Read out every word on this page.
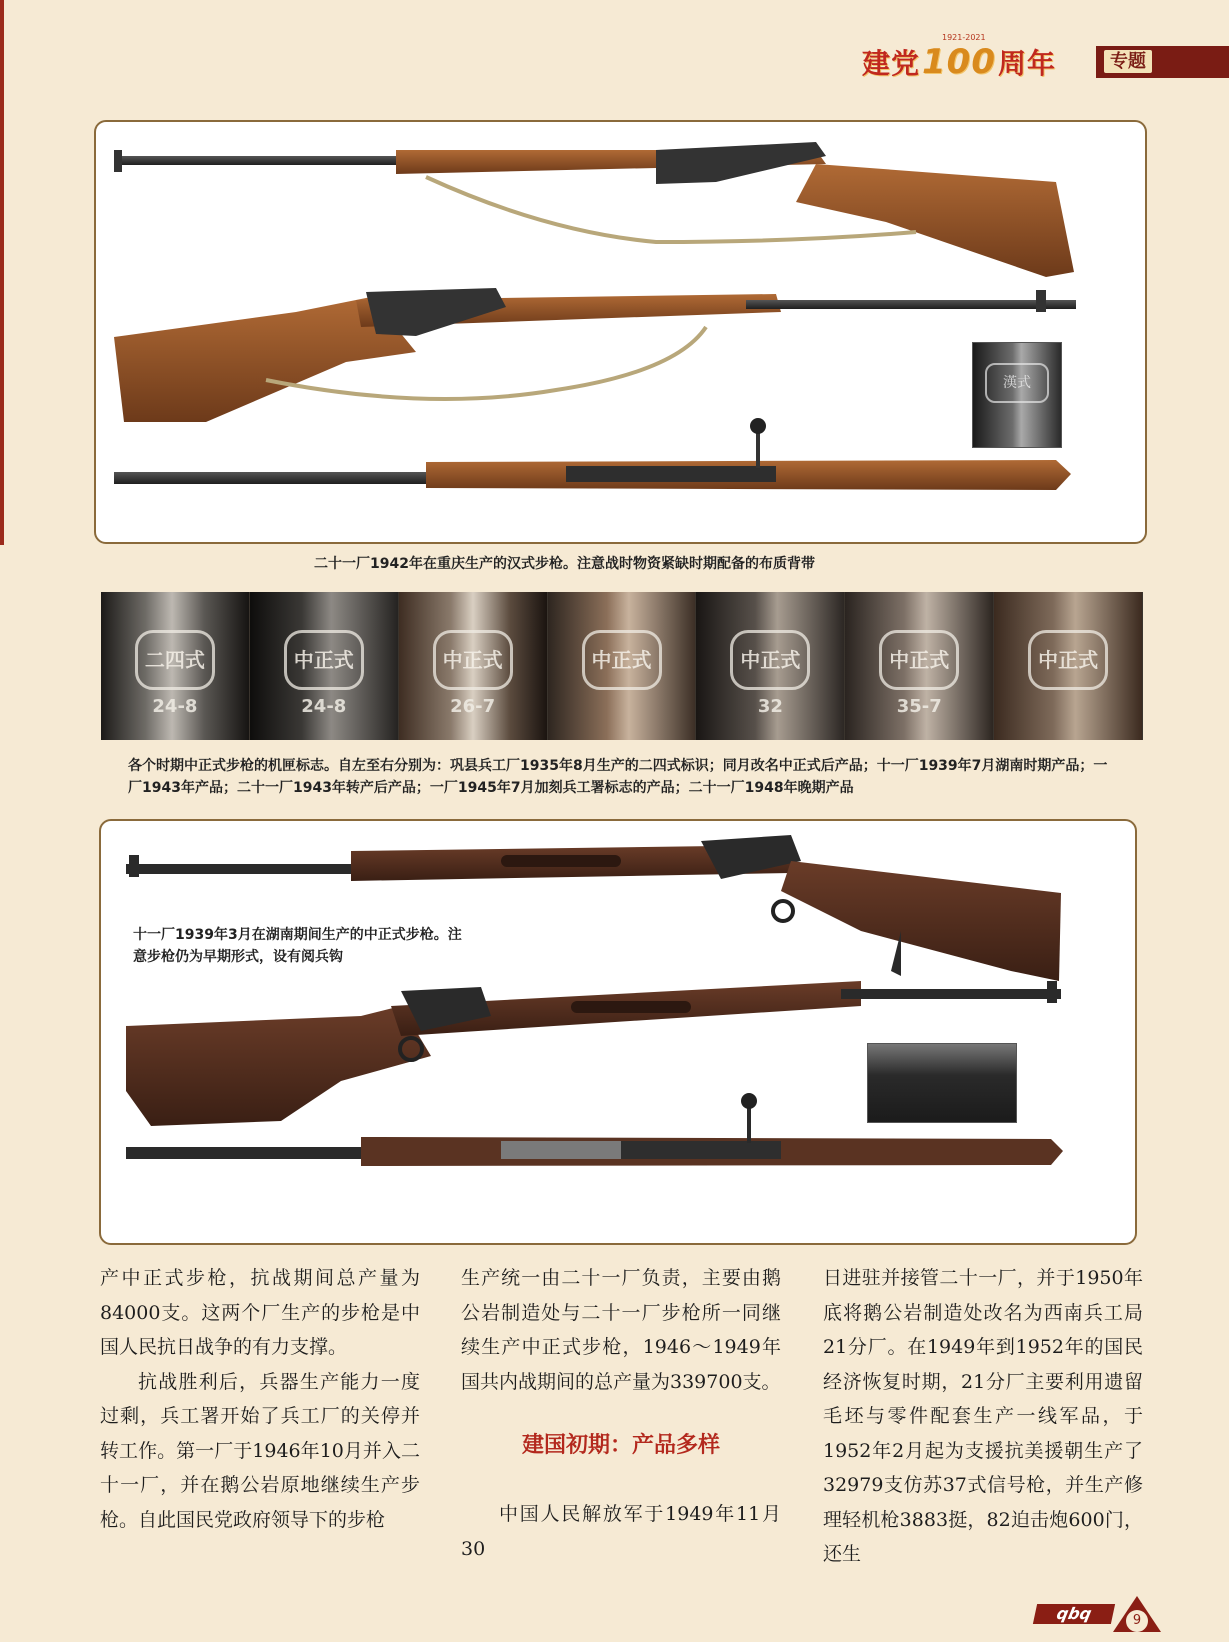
1921-2021
建党100周年	专题
漢式
二十一厂1942年在重庆生产的汉式步枪。注意战时物资紧缺时期配备的布质背带
二四式
24-8
中正式
24-8
中正式
26-7
中正式	中正式
32
中正式
35-7
中正式
各个时期中正式步枪的机匣标志。自左至右分别为：巩县兵工厂1935年8月生产的二四式标识；同月改名中正式后产品；十一厂1939年7月湖南时期产品；一厂1943年产品；二十一厂1943年转产后产品；一厂1945年7月加刻兵工署标志的产品；二十一厂1948年晚期产品
十一厂1939年3月在湖南期间生产的中正式步枪。注意步枪仍为早期形式，设有阅兵钩

产中正式步枪，抗战期间总产量为84000支。这两个厂生产的步枪是中国人民抗日战争的有力支撑。

抗战胜利后，兵器生产能力一度过剩，兵工署开始了兵工厂的关停并转工作。第一厂于1946年10月并入二十一厂，并在鹅公岩原地继续生产步枪。自此国民党政府领导下的步枪

生产统一由二十一厂负责，主要由鹅公岩制造处与二十一厂步枪所一同继续生产中正式步枪，1946～1949年国共内战期间的总产量为339700支。

建国初期：产品多样

中国人民解放军于1949年11月30

日进驻并接管二十一厂，并于1950年底将鹅公岩制造处改名为西南兵工局21分厂。在1949年到1952年的国民经济恢复时期，21分厂主要利用遗留毛坯与零件配套生产一线军品，于1952年2月起为支援抗美援朝生产了32979支仿苏37式信号枪，并生产修理轻机枪3883挺，82迫击炮600门，还生

qbq	9
